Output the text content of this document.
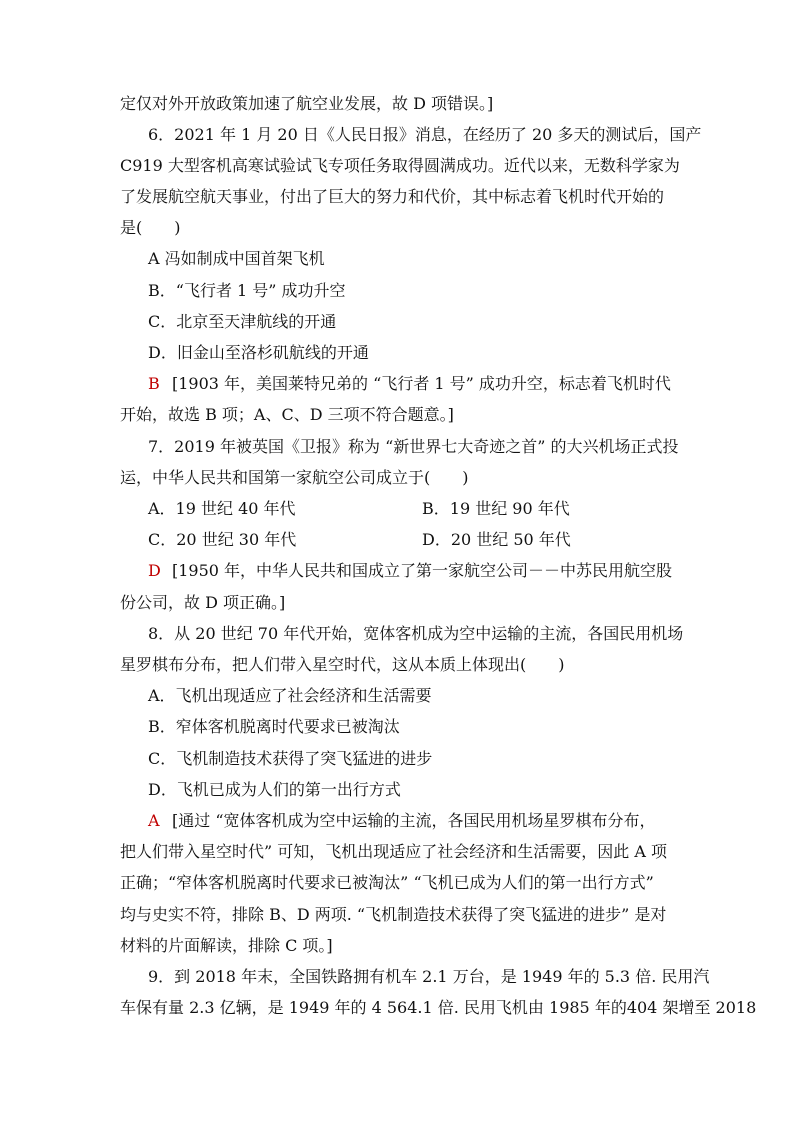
定仅对外开放政策加速了航空业发展，故 D 项错误。]
6．2021 年 1 月 20 日《人民日报》消息，在经历了 20 多天的测试后，国产
C919 大型客机高寒试验试飞专项任务取得圆满成功。近代以来，无数科学家为
了发展航空航天事业，付出了巨大的努力和代价，其中标志着飞机时代开始的
是(　　)
A 冯如制成中国首架飞机
B．“飞行者 1 号” 成功升空
C．北京至天津航线的开通
D．旧金山至洛杉矶航线的开通
B [1903 年，美国莱特兄弟的 “飞行者 1 号” 成功升空，标志着飞机时代
开始，故选 B 项；A、C、D 三项不符合题意。]
7．2019 年被英国《卫报》称为 “新世界七大奇迹之首” 的大兴机场正式投
运，中华人民共和国第一家航空公司成立于(　　)
A．19 世纪 40 年代	B．19 世纪 90 年代
C．20 世纪 30 年代	D．20 世纪 50 年代
D [1950 年，中华人民共和国成立了第一家航空公司－－中苏民用航空股
份公司，故 D 项正确。]
8．从 20 世纪 70 年代开始，宽体客机成为空中运输的主流，各国民用机场
星罗棋布分布，把人们带入星空时代，这从本质上体现出(　　)
A．飞机出现适应了社会经济和生活需要
B．窄体客机脱离时代要求已被淘汰
C．飞机制造技术获得了突飞猛进的进步
D．飞机已成为人们的第一出行方式
A [通过 “宽体客机成为空中运输的主流，各国民用机场星罗棋布分布，
把人们带入星空时代” 可知，飞机出现适应了社会经济和生活需要，因此 A 项
正确；“窄体客机脱离时代要求已被淘汰” “飞机已成为人们的第一出行方式”
均与史实不符，排除 B、D 两项. “飞机制造技术获得了突飞猛进的进步” 是对
材料的片面解读，排除 C 项。]
9．到 2018 年末，全国铁路拥有机车 2.1 万台，是 1949 年的 5.3 倍. 民用汽
车保有量 2.3 亿辆，是 1949 年的 4 564.1 倍. 民用飞机由 1985 年的404 架增至 2018
